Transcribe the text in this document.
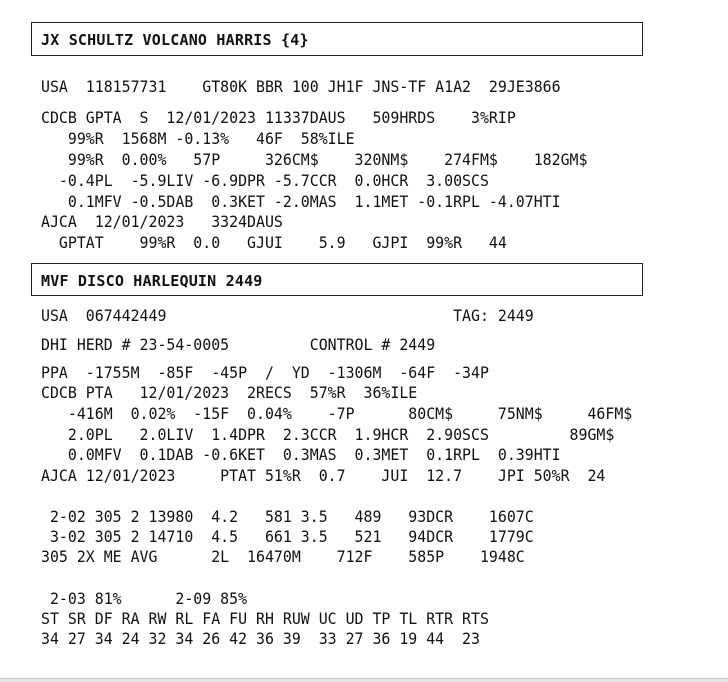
JX SCHULTZ VOLCANO HARRIS {4}
USA  118157731    GT80K BBR 100 JH1F JNS-TF A1A2  29JE3866
CDCB GPTA  S  12/01/2023 11337DAUS   509HRDS    3%RIP
99%R  1568M -0.13%   46F  58%ILE
99%R  0.00%   57P     326CM$    320NM$    274FM$    182GM$
-0.4PL  -5.9LIV -6.9DPR -5.7CCR  0.0HCR  3.00SCS
0.1MFV -0.5DAB  0.3KET -2.0MAS  1.1MET -0.1RPL -4.07HTI
AJCA  12/01/2023   3324DAUS
GPTAT    99%R  0.0   GJUI    5.9   GJPI  99%R   44
MVF DISCO HARLEQUIN 2449
USA  067442449                                TAG: 2449
DHI HERD # 23-54-0005         CONTROL # 2449
PPA  -1755M  -85F  -45P  /  YD  -1306M  -64F  -34P
CDCB PTA   12/01/2023  2RECS  57%R  36%ILE
-416M  0.02%  -15F  0.04%    -7P      80CM$     75NM$     46FM$
2.0PL   2.0LIV  1.4DPR  2.3CCR  1.9HCR  2.90SCS         89GM$
0.0MFV  0.1DAB -0.6KET  0.3MAS  0.3MET  0.1RPL  0.39HTI
AJCA 12/01/2023     PTAT 51%R  0.7    JUI  12.7    JPI 50%R  24
2-02 305 2 13980  4.2   581 3.5   489   93DCR    1607C
3-02 305 2 14710  4.5   661 3.5   521   94DCR    1779C
305 2X ME AVG      2L  16470M    712F    585P    1948C
2-03 81%      2-09 85%
ST SR DF RA RW RL FA FU RH RUW UC UD TP TL RTR RTS
34 27 34 24 32 34 26 42 36 39  33 27 36 19 44  23
